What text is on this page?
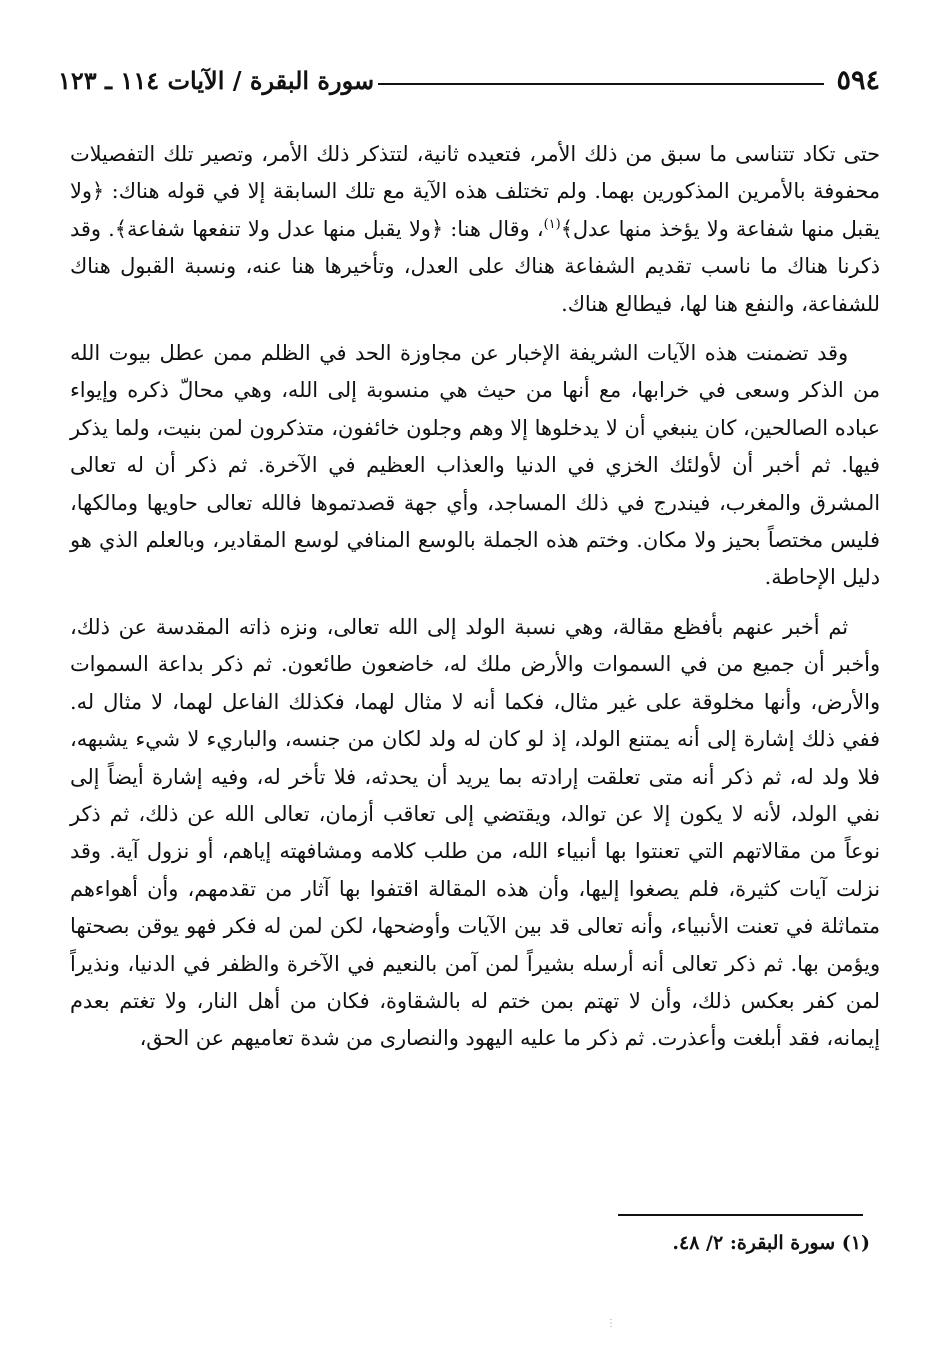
٥٩٤
سورة البقرة / الآيات ١١٤ ـ ١٢٣

حتى تكاد تتناسى ما سبق من ذلك الأمر، فتعيده ثانية، لتتذكر ذلك الأمر، وتصير تلك التفصيلات محفوفة بالأمرين المذكورين بهما. ولم تختلف هذه الآية مع تلك السابقة إلا في قوله هناك: ﴿ولا يقبل منها شفاعة ولا يؤخذ منها عدل﴾$^{(١)}$، وقال هنا: ﴿ولا يقبل منها عدل ولا تنفعها شفاعة﴾. وقد ذكرنا هناك ما ناسب تقديم الشفاعة هناك على العدل، وتأخيرها هنا عنه، ونسبة القبول هناك للشفاعة، والنفع هنا لها، فيطالع هناك.

وقد تضمنت هذه الآيات الشريفة الإخبار عن مجاوزة الحد في الظلم ممن عطل بيوت الله من الذكر وسعى في خرابها، مع أنها من حيث هي منسوبة إلى الله، وهي محالّ ذكره وإيواء عباده الصالحين، كان ينبغي أن لا يدخلوها إلا وهم وجلون خائفون، متذكرون لمن بنيت، ولما يذكر فيها. ثم أخبر أن لأولئك الخزي في الدنيا والعذاب العظيم في الآخرة. ثم ذكر أن له تعالى المشرق والمغرب، فيندرج في ذلك المساجد، وأي جهة قصدتموها فالله تعالى حاويها ومالكها، فليس مختصاً بحيز ولا مكان. وختم هذه الجملة بالوسع المنافي لوسع المقادير، وبالعلم الذي هو دليل الإحاطة.

ثم أخبر عنهم بأفظع مقالة، وهي نسبة الولد إلى الله تعالى، ونزه ذاته المقدسة عن ذلك، وأخبر أن جميع من في السموات والأرض ملك له، خاضعون طائعون. ثم ذكر بداعة السموات والأرض، وأنها مخلوقة على غير مثال، فكما أنه لا مثال لهما، فكذلك الفاعل لهما، لا مثال له. ففي ذلك إشارة إلى أنه يمتنع الولد، إذ لو كان له ولد لكان من جنسه، والباريء لا شيء يشبهه، فلا ولد له، ثم ذكر أنه متى تعلقت إرادته بما يريد أن يحدثه، فلا تأخر له، وفيه إشارة أيضاً إلى نفي الولد، لأنه لا يكون إلا عن توالد، ويقتضي إلى تعاقب أزمان، تعالى الله عن ذلك، ثم ذكر نوعاً من مقالاتهم التي تعنتوا بها أنبياء الله، من طلب كلامه ومشافهته إياهم، أو نزول آية. وقد نزلت آيات كثيرة، فلم يصغوا إليها، وأن هذه المقالة اقتفوا بها آثار من تقدمهم، وأن أهواءهم متماثلة في تعنت الأنبياء، وأنه تعالى قد بين الآيات وأوضحها، لكن لمن له فكر فهو يوقن بصحتها ويؤمن بها. ثم ذكر تعالى أنه أرسله بشيراً لمن آمن بالنعيم في الآخرة والظفر في الدنيا، ونذيراً لمن كفر بعكس ذلك، وأن لا تهتم بمن ختم له بالشقاوة، فكان من أهل النار، ولا تغتم بعدم إيمانه، فقد أبلغت وأعذرت. ثم ذكر ما عليه اليهود والنصارى من شدة تعاميهم عن الحق،

(١) سورة البقرة: ٢/ ٤٨.
⋮
